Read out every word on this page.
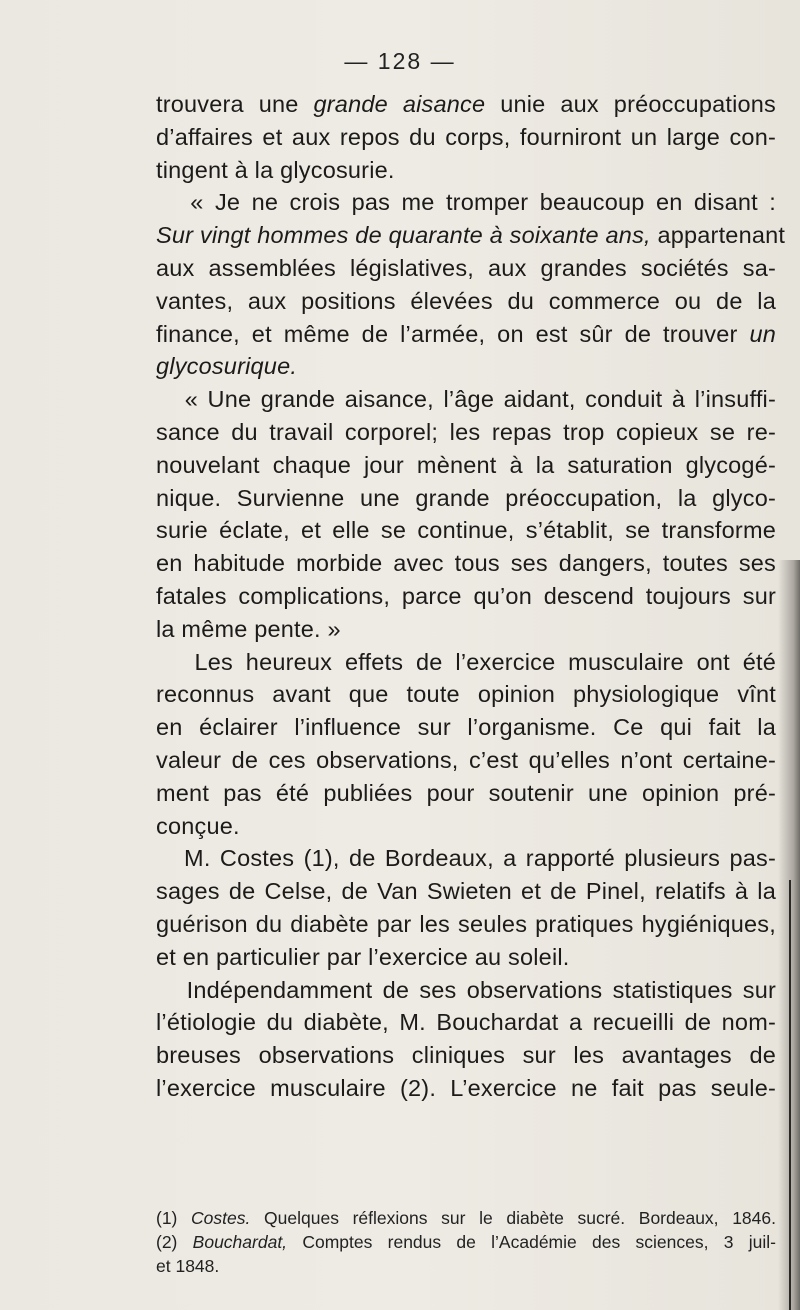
— 128 —
trouvera une grande aisance unie aux préoccupations
d’affaires et aux repos du corps, fourniront un large con-
tingent à la glycosurie.
« Je ne crois pas me tromper beaucoup en disant :
Sur vingt hommes de quarante à soixante ans, appartenant
aux assemblées législatives, aux grandes sociétés sa-
vantes, aux positions élevées du commerce ou de la
finance, et même de l’armée, on est sûr de trouver un
glycosurique.
« Une grande aisance, l’âge aidant, conduit à l’insuffi-
sance du travail corporel; les repas trop copieux se re-
nouvelant chaque jour mènent à la saturation glycogé-
nique. Survienne une grande préoccupation, la glyco-
surie éclate, et elle se continue, s’établit, se transforme
en habitude morbide avec tous ses dangers, toutes ses
fatales complications, parce qu’on descend toujours sur
la même pente. »
Les heureux effets de l’exercice musculaire ont été
reconnus avant que toute opinion physiologique vînt
en éclairer l’influence sur l’organisme. Ce qui fait la
valeur de ces observations, c’est qu’elles n’ont certaine-
ment pas été publiées pour soutenir une opinion pré-
conçue.
M. Costes (1), de Bordeaux, a rapporté plusieurs pas-
sages de Celse, de Van Swieten et de Pinel, relatifs à la
guérison du diabète par les seules pratiques hygiéniques,
et en particulier par l’exercice au soleil.
Indépendamment de ses observations statistiques sur
l’étiologie du diabète, M. Bouchardat a recueilli de nom-
breuses observations cliniques sur les avantages de
l’exercice musculaire (2). L’exercice ne fait pas seule-
(1) Costes. Quelques réflexions sur le diabète sucré. Bordeaux, 1846.
(2) Bouchardat, Comptes rendus de l’Académie des sciences, 3 juil-
et 1848.
